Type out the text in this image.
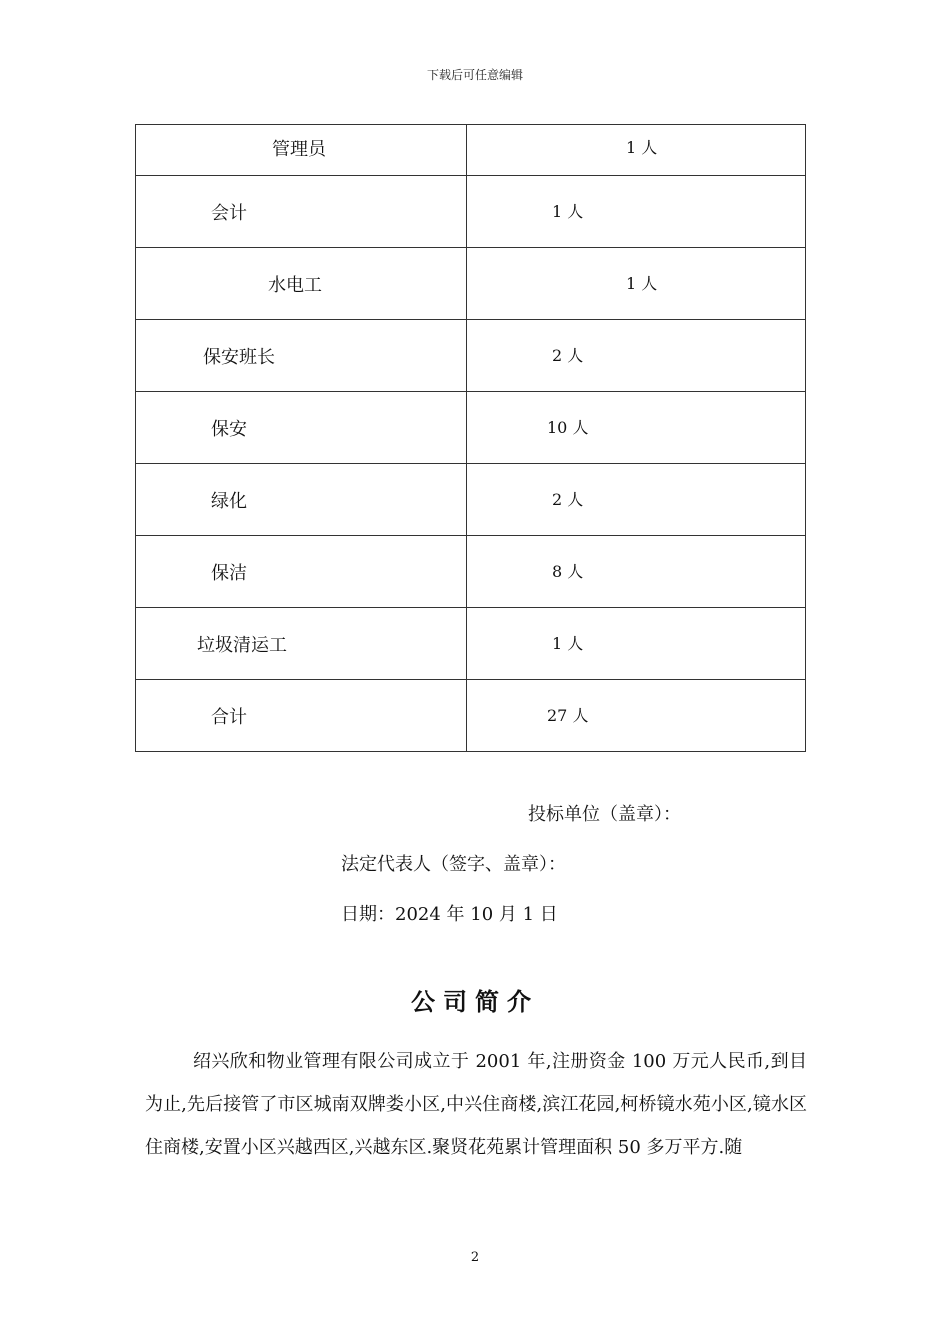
下载后可任意编辑
管理员	1 人

会计	1 人

水电工	1 人

保安班长	2 人

保安	10 人

绿化	2 人

保洁	8 人

垃圾清运工	1 人

合计	27 人
投标单位（盖章）：
法定代表人（签字、盖章）：
日期：2024 年 10 月 1 日
公司简介

绍兴欣和物业管理有限公司成立于 2001 年,注册资金 100 万元人民币,到目为止,先后接管了市区城南双牌娄小区,中兴住商楼,滨江花园,柯桥镜水苑小区,镜水区住商楼,安置小区兴越西区,兴越东区.聚贤花苑累计管理面积 50 多万平方.随

2
